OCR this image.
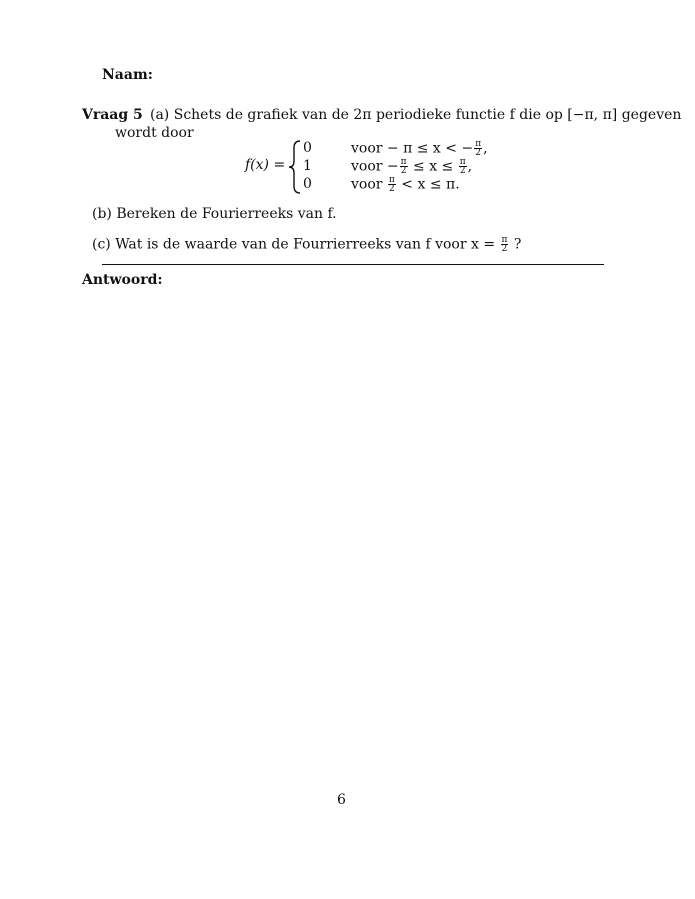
Naam:
Vraag 5 (a) Schets de grafiek van de 2π periodieke functie f die op [−π, π] gegeven
wordt door
f(x) =
0	voor − π ≤ x < − $\frac{\pi}{2}$ ,
1	voor − $\frac{\pi}{2} \le x \le \frac{\pi}{2}$ ,
0	voor $\frac{\pi}{2} < x \le \pi$.
(b) Bereken de Fourierreeks van f.
(c) Wat is de waarde van de Fourrierreeks van f voor $x = \frac{\pi}{2}$ ?
Antwoord:
6
